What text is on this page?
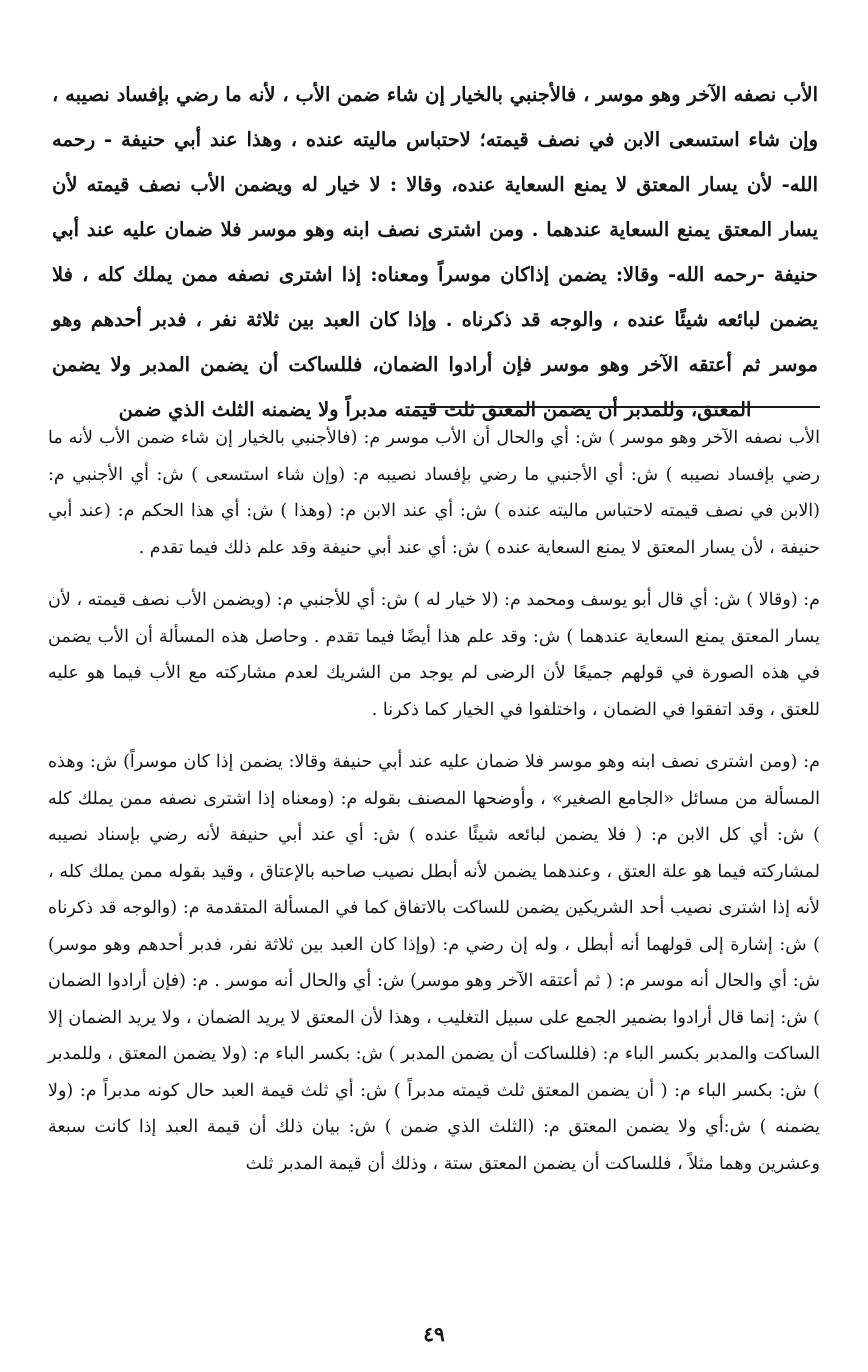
الأب نصفه الآخر وهو موسر ، فالأجنبي بالخيار إن شاء ضمن الأب ، لأنه ما رضي بإفساد نصيبه ، وإن شاء استسعى الابن في نصف قيمته؛ لاحتباس ماليته عنده ، وهذا عند أبي حنيفة - رحمه الله- لأن يسار المعتق لا يمنع السعاية عنده، وقالا : لا خيار له ويضمن الأب نصف قيمته لأن يسار المعتق يمنع السعاية عندهما . ومن اشترى نصف ابنه وهو موسر فلا ضمان عليه عند أبي حنيفة -رحمه الله- وقالا: يضمن إذاكان موسراً ومعناه: إذا اشترى نصفه ممن يملك كله ، فلا يضمن لبائعه شيئًا عنده ، والوجه قد ذكرناه . وإذا كان العبد بين ثلاثة نفر ، فدبر أحدهم وهو موسر ثم أعتقه الآخر وهو موسر فإن أرادوا الضمان، فللساكت أن يضمن المدبر ولا يضمن المعتق، وللمدبر أن يضمن المعتق ثلث قيمته مدبراً ولا يضمنه الثلث الذي ضمن

الأب نصفه الآخر وهو موسر ) ش: أي والحال أن الأب موسر م: (فالأجنبي بالخيار إن شاء ضمن الأب لأنه ما رضي بإفساد نصيبه ) ش: أي الأجنبي ما رضي بإفساد نصيبه م: (وإن شاء استسعى ) ش: أي الأجنبي م: (الابن في نصف قيمته لاحتباس ماليته عنده ) ش: أي عند الابن م: (وهذا ) ش: أي هذا الحكم م: (عند أبي حنيفة ، لأن يسار المعتق لا يمنع السعاية عنده ) ش: أي عند أبي حنيفة وقد علم ذلك فيما تقدم .

م: (وقالا ) ش: أي قال أبو يوسف ومحمد م: (لا خيار له ) ش: أي للأجنبي م: (ويضمن الأب نصف قيمته ، لأن يسار المعتق يمنع السعاية عندهما ) ش: وقد علم هذا أيضًا فيما تقدم . وحاصل هذه المسألة أن الأب يضمن في هذه الصورة في قولهم جميعًا لأن الرضى لم يوجد من الشريك لعدم مشاركته مع الأب فيما هو عليه للعتق ، وقد اتفقوا في الضمان ، واختلفوا في الخيار كما ذكرنا .

م: (ومن اشترى نصف ابنه وهو موسر فلا ضمان عليه عند أبي حنيفة وقالا: يضمن إذا كان موسراً) ش: وهذه المسألة من مسائل «الجامع الصغير» ، وأوضحها المصنف بقوله م: (ومعناه إذا اشترى نصفه ممن يملك كله ) ش: أي كل الابن م: ( فلا يضمن لبائعه شيئًا عنده ) ش: أي عند أبي حنيفة لأنه رضي بإسناد نصيبه لمشاركته فيما هو علة العتق ، وعندهما يضمن لأنه أبطل نصيب صاحبه بالإعتاق ، وقيد بقوله ممن يملك كله ، لأنه إذا اشترى نصيب أحد الشريكين يضمن للساكت بالاتفاق كما في المسألة المتقدمة م: (والوجه قد ذكرناه ) ش: إشارة إلى قولهما أنه أبطل ، وله إن رضي م: (وإذا كان العبد بين ثلاثة نفر، فدبر أحدهم وهو موسر) ش: أي والحال أنه موسر م: ( ثم أعتقه الآخر وهو موسر) ش: أي والحال أنه موسر . م: (فإن أرادوا الضمان ) ش: إنما قال أرادوا بضمير الجمع على سبيل التغليب ، وهذا لأن المعتق لا يريد الضمان ، ولا يريد الضمان إلا الساكت والمدبر بكسر الباء م: (فللساكت أن يضمن المدبر ) ش: بكسر الباء م: (ولا يضمن المعتق ، وللمدبر ) ش: بكسر الباء م: ( أن يضمن المعتق ثلث قيمته مدبراً ) ش: أي ثلث قيمة العبد حال كونه مدبراً م: (ولا يضمنه ) ش:أي ولا يضمن المعتق م: (الثلث الذي ضمن ) ش: بيان ذلك أن قيمة العبد إذا كانت سبعة وعشرين وهما مثلاً ، فللساكت أن يضمن المعتق ستة ، وذلك أن قيمة المدبر ثلث

٤٩
